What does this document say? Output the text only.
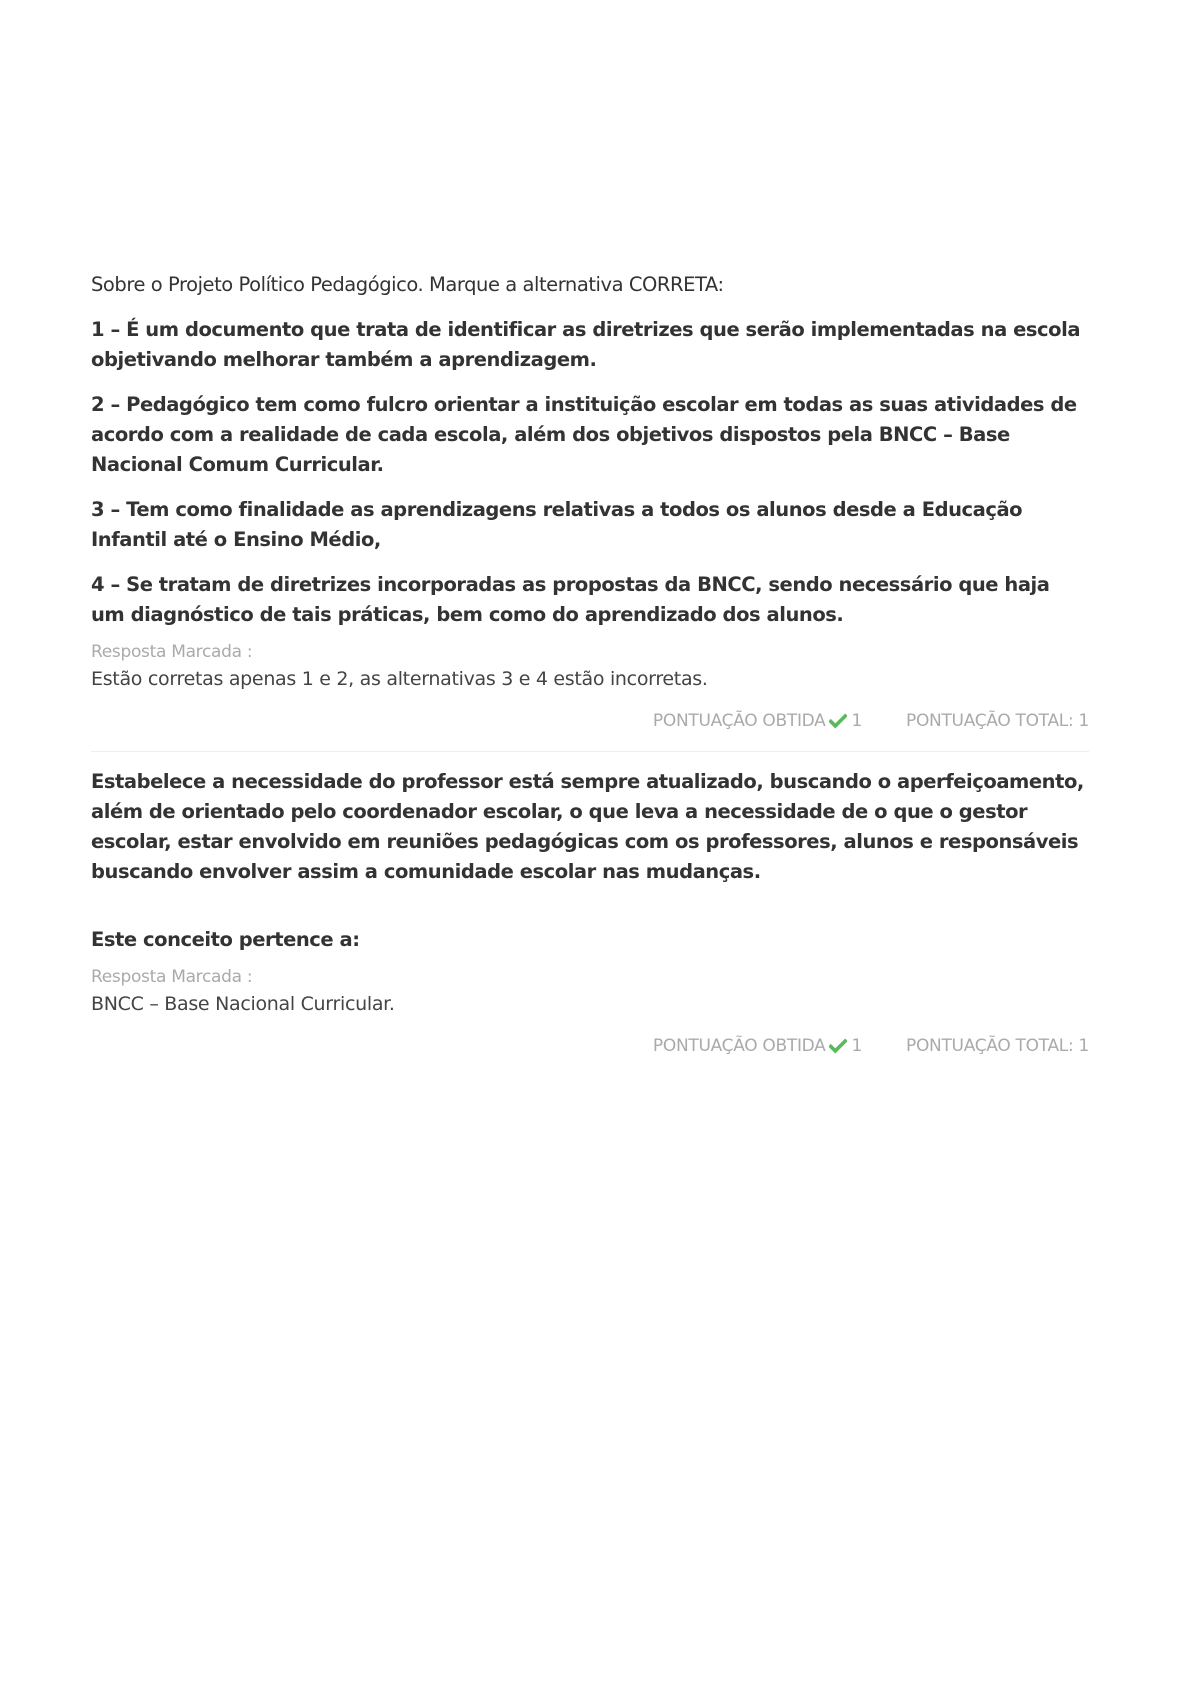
Sobre o Projeto Político Pedagógico. Marque a alternativa CORRETA:

1 – É um documento que trata de identificar as diretrizes que serão implementadas na escola objetivando melhorar também a aprendizagem.

2 – Pedagógico tem como fulcro orientar a instituição escolar em todas as suas atividades de acordo com a realidade de cada escola, além dos objetivos dispostos pela BNCC – Base Nacional Comum Curricular.

3 – Tem como finalidade as aprendizagens relativas a todos os alunos desde a Educação Infantil até o Ensino Médio,

4 – Se tratam de diretrizes incorporadas as propostas da BNCC, sendo necessário que haja um diagnóstico de tais práticas, bem como do aprendizado dos alunos.

Resposta Marcada :
Estão corretas apenas 1 e 2, as alternativas 3 e 4 estão incorretas.
PONTUAÇÃO OBTIDA 1	PONTUAÇÃO TOTAL: 1

Estabelece a necessidade do professor está sempre atualizado, buscando o aperfeiçoamento, além de orientado pelo coordenador escolar, o que leva a necessidade de o que o gestor escolar, estar envolvido em reuniões pedagógicas com os professores, alunos e responsáveis buscando envolver assim a comunidade escolar nas mudanças.

Este conceito pertence a:

Resposta Marcada :
BNCC – Base Nacional Curricular.
PONTUAÇÃO OBTIDA 1	PONTUAÇÃO TOTAL: 1
